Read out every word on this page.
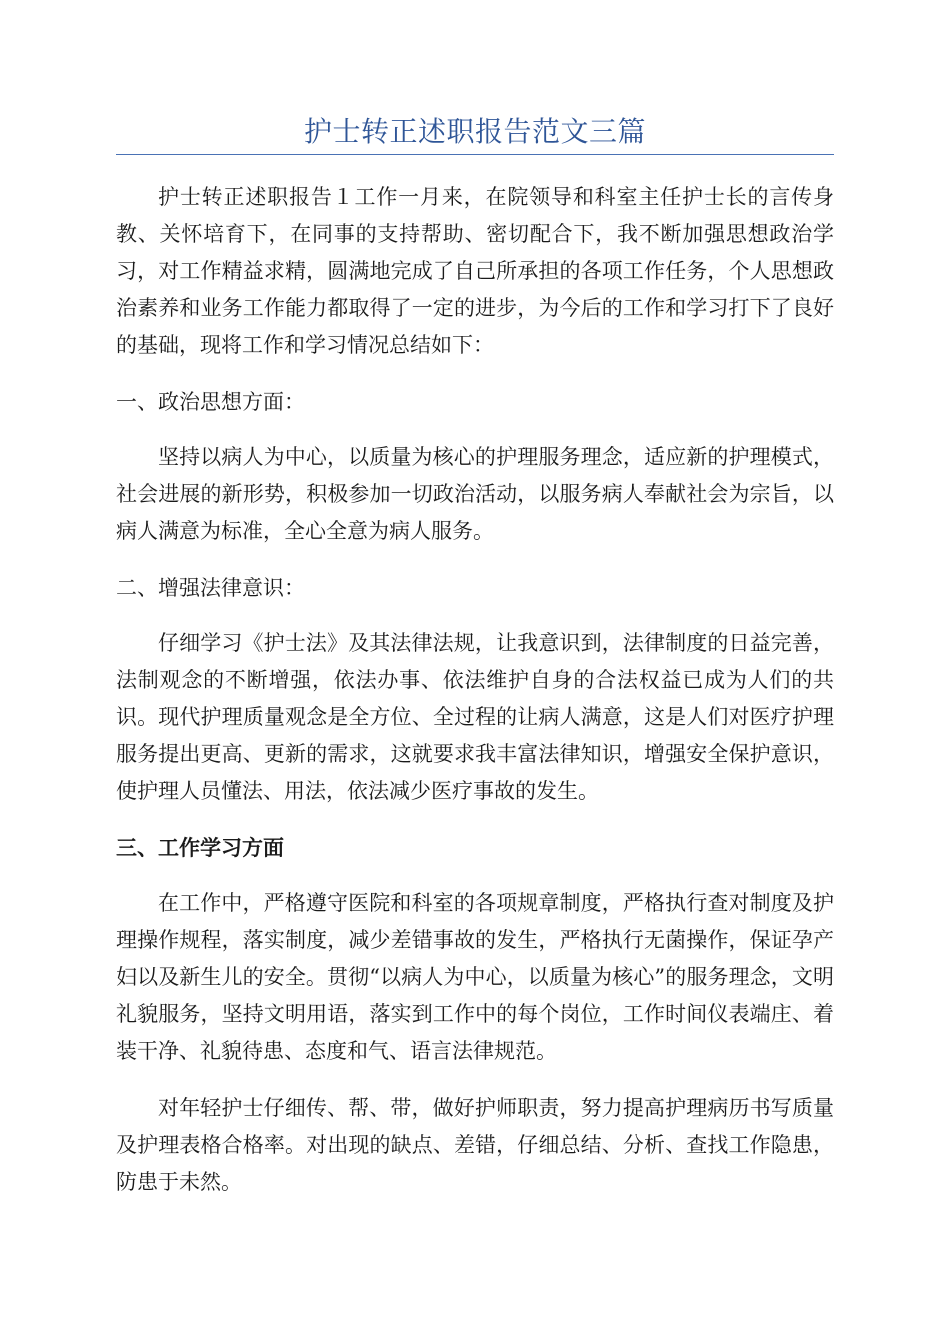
护士转正述职报告范文三篇

护士转正述职报告１工作一月来，在院领导和科室主任护士长的言传身教、关怀培育下，在同事的支持帮助、密切配合下，我不断加强思想政治学习，对工作精益求精，圆满地完成了自己所承担的各项工作任务，个人思想政治素养和业务工作能力都取得了一定的进步，为今后的工作和学习打下了良好的基础，现将工作和学习情况总结如下：

一、政治思想方面：

坚持以病人为中心，以质量为核心的护理服务理念，适应新的护理模式，社会进展的新形势，积极参加一切政治活动，以服务病人奉献社会为宗旨，以病人满意为标准，全心全意为病人服务。

二、增强法律意识：

仔细学习《护士法》及其法律法规，让我意识到，法律制度的日益完善，法制观念的不断增强，依法办事、依法维护自身的合法权益已成为人们的共识。现代护理质量观念是全方位、全过程的让病人满意，这是人们对医疗护理服务提出更高、更新的需求，这就要求我丰富法律知识，增强安全保护意识，使护理人员懂法、用法，依法减少医疗事故的发生。

三、工作学习方面

在工作中，严格遵守医院和科室的各项规章制度，严格执行查对制度及护理操作规程，落实制度，减少差错事故的发生，严格执行无菌操作，保证孕产妇以及新生儿的安全。贯彻“以病人为中心，以质量为核心”的服务理念，文明礼貌服务，坚持文明用语，落实到工作中的每个岗位，工作时间仪表端庄、着装干净、礼貌待患、态度和气、语言法律规范。

对年轻护士仔细传、帮、带，做好护师职责，努力提高护理病历书写质量及护理表格合格率。对出现的缺点、差错，仔细总结、分析、查找工作隐患，防患于未然。
